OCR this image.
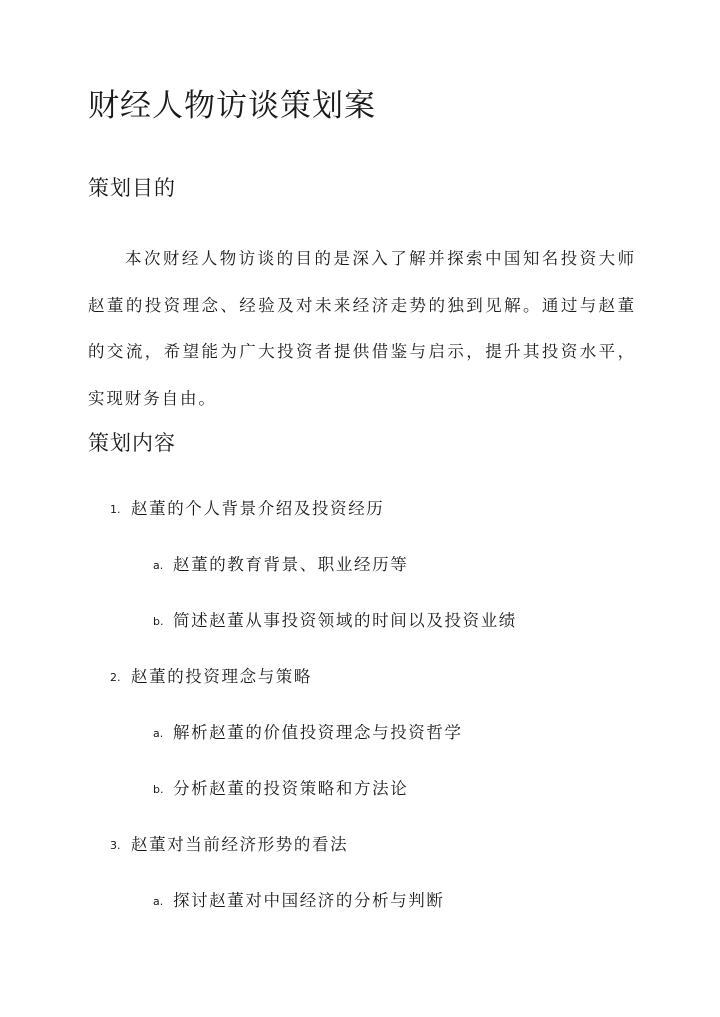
财经人物访谈策划案
策划目的

本次财经人物访谈的目的是深入了解并探索中国知名投资大师赵董的投资理念、经验及对未来经济走势的独到见解。通过与赵董的交流，希望能为广大投资者提供借鉴与启示，提升其投资水平，实现财务自由。

策划内容
1. 赵董的个人背景介绍及投资经历
a. 赵董的教育背景、职业经历等
b. 简述赵董从事投资领域的时间以及投资业绩
2. 赵董的投资理念与策略
a. 解析赵董的价值投资理念与投资哲学
b. 分析赵董的投资策略和方法论
3. 赵董对当前经济形势的看法
a. 探讨赵董对中国经济的分析与判断
